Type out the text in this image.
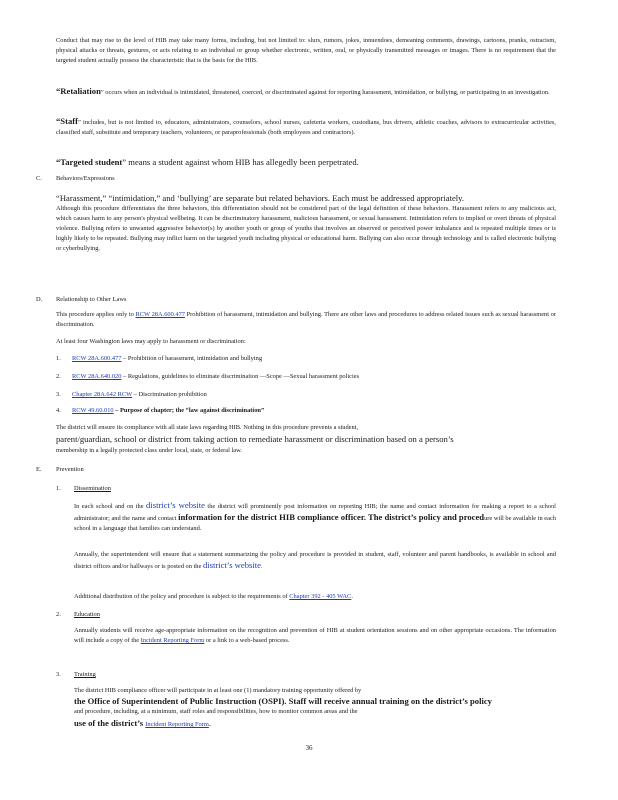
Conduct that may rise to the level of HIB may take many forms, including, but not limited to: slurs, rumors, jokes, innuendoes, demeaning comments, drawings, cartoons, pranks, ostracism, physical attacks or threats, gestures, or acts relating to an individual or group whether electronic, written, oral, or physically transmitted messages or images. There is no requirement that the targeted student actually possess the characteristic that is the basis for the HIB.

“Retaliation” occurs when an individual is intimidated, threatened, coerced, or discriminated against for reporting harassment, intimidation, or bullying, or participating in an investigation.

“Staff” includes, but is not limited to, educators, administrators, counselors, school nurses, cafeteria workers, custodians, bus drivers, athletic coaches, advisors to extracurricular activities, classified staff, substitute and temporary teachers, volunteers, or paraprofessionals (both employees and contractors).

“Targeted student” means a student against whom HIB has allegedly been perpetrated.

C. Behaviors/Expressions

“Harassment,” “intimidation,” and ‘bullying’ are separate but related behaviors. Each must be addressed appropriately.

Although this procedure differentiates the three behaviors, this differentiation should not be considered part of the legal definition of these behaviors. Harassment refers to any malicious act, which causes harm to any person's physical wellbeing. It can be discriminatory harassment, malicious harassment, or sexual harassment. Intimidation refers to implied or overt threats of physical violence. Bullying refers to unwanted aggressive behavior(s) by another youth or group of youths that involves an observed or perceived power imbalance and is repeated multiple times or is highly likely to be repeated. Bullying may inflict harm on the targeted youth including physical or educational harm. Bullying can also occur through technology and is called electronic bullying or cyberbullying.

D. Relationship to Other Laws

This procedure applies only to RCW 28A.600.477 Prohibition of harassment, intimidation and bullying. There are other laws and procedures to address related issues such as sexual harassment or discrimination.

At least four Washington laws may apply to harassment or discrimination:

1. RCW 28A.600.477 – Prohibition of harassment, intimidation and bullying

2. RCW 28A.640.020 – Regulations, guidelines to eliminate discrimination —Scope —Sexual harassment policies

3. Chapter 28A.642 RCW – Discrimination prohibition

4. RCW 49.60.010 – Purpose of chapter; the “law against discrimination”

The district will ensure its compliance with all state laws regarding HIB. Nothing in this procedure prevents a student,

parent/guardian, school or district from taking action to remediate harassment or discrimination based on a person’s

membership in a legally protected class under local, state, or federal law.

E. Prevention

1. Dissemination

In each school and on the district’s website the district will prominently post information on reporting HIB; the name and contact information for making a report to a school administrator; and the name and contact information for the district HIB compliance officer. The district’s policy and procedure will be available in each school in a language that families can understand.

Annually, the superintendent will ensure that a statement summarizing the policy and procedure is provided in student, staff, volunteer and parent handbooks, is available in school and district offices and/or hallways or is posted on the district’s website.

Additional distribution of the policy and procedure is subject to the requirements of Chapter 392 - 405 WAC.

2. Education

Annually students will receive age-appropriate information on the recognition and prevention of HIB at student orientation sessions and on other appropriate occasions. The information will include a copy of the Incident Reporting Form or a link to a web-based process.

3. Training

The district HIB compliance officer will participate in at least one (1) mandatory training opportunity offered by

the Office of Superintendent of Public Instruction (OSPI). Staff will receive annual training on the district’s policy

and procedure, including, at a minimum, staff roles and responsibilities, how to monitor common areas and the

use of the district’s Incident Reporting Form.

36
